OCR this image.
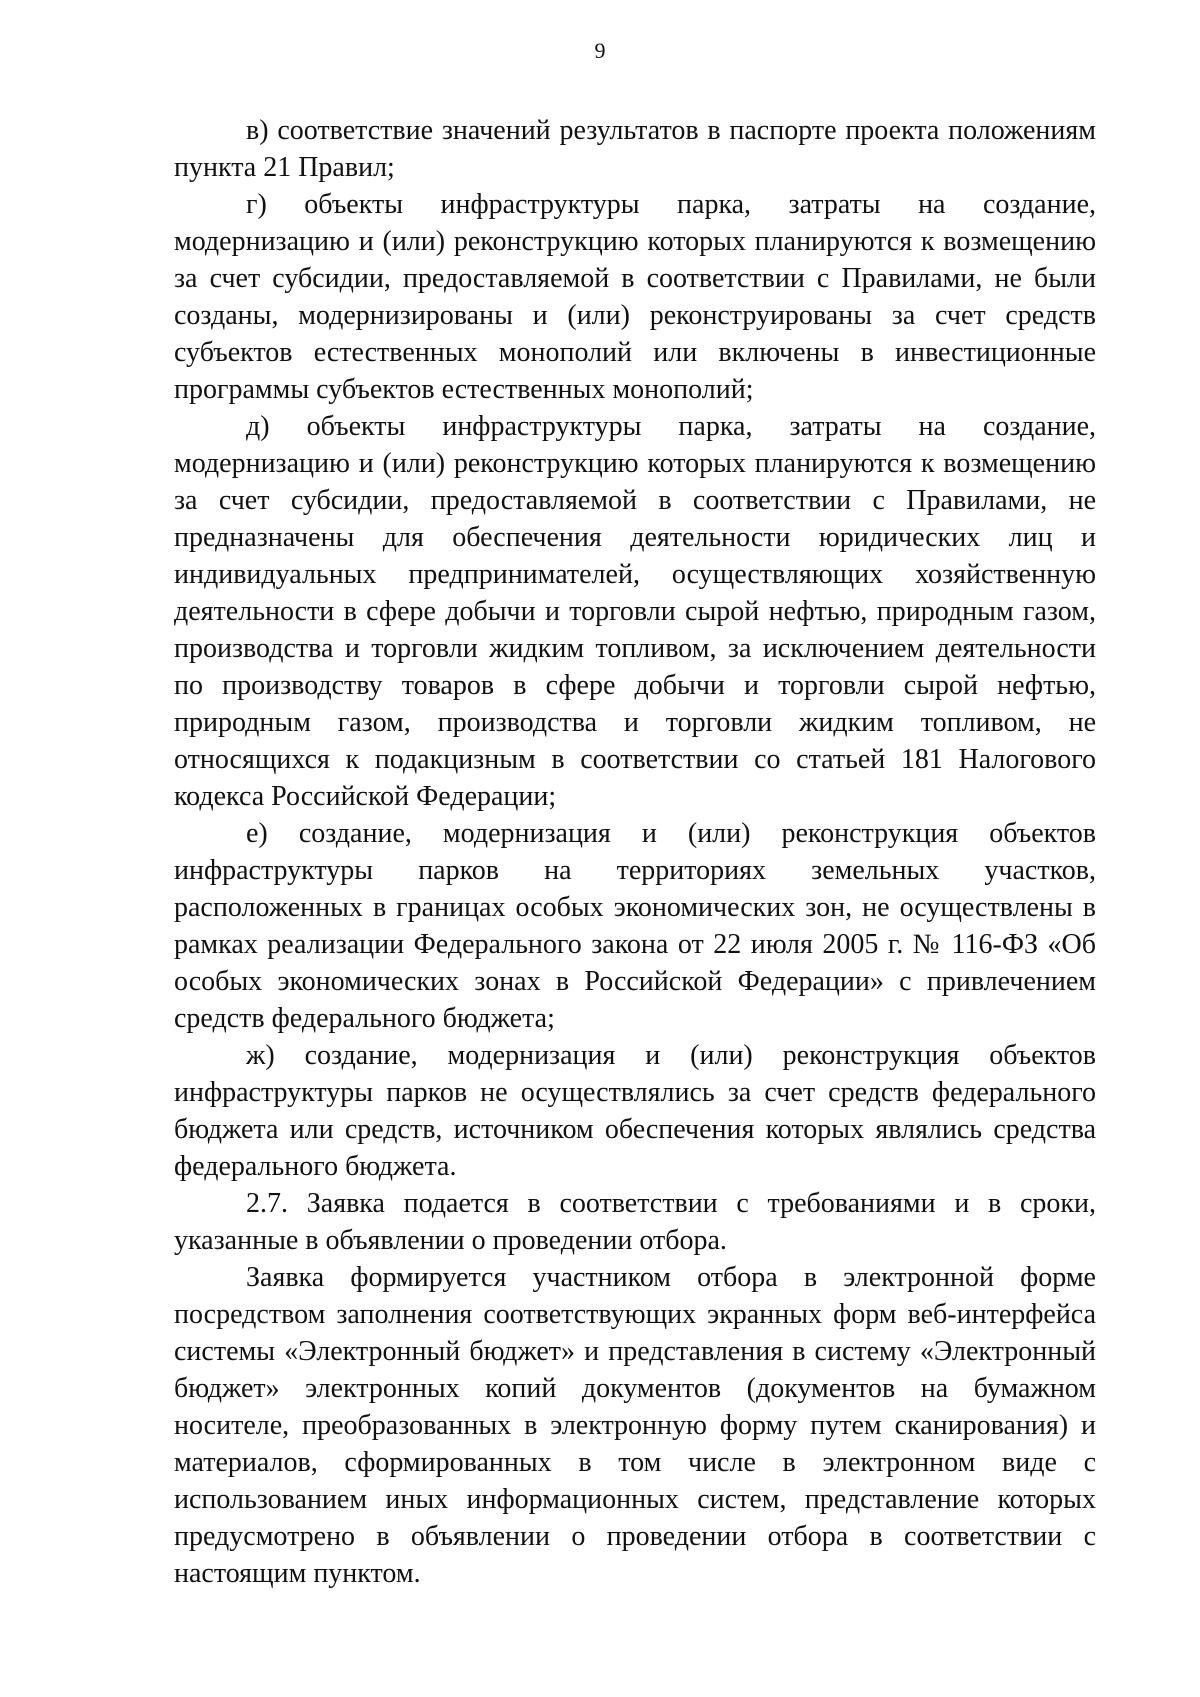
9

в) соответствие значений результатов в паспорте проекта положениям пункта 21 Правил;

г) объекты инфраструктуры парка, затраты на создание, модернизацию и (или) реконструкцию которых планируются к возмещению за счет субсидии, предоставляемой в соответствии с Правилами, не были созданы, модернизированы и (или) реконструированы за счет средств субъектов естественных монополий или включены в инвестиционные программы субъектов естественных монополий;

д) объекты инфраструктуры парка, затраты на создание, модернизацию и (или) реконструкцию которых планируются к возмещению за счет субсидии, предоставляемой в соответствии с Правилами, не предназначены для обеспечения деятельности юридических лиц и индивидуальных предпринимателей, осуществляющих хозяйственную деятельности в сфере добычи и торговли сырой нефтью, природным газом, производства и торговли жидким топливом, за исключением деятельности по производству товаров в сфере добычи и торговли сырой нефтью, природным газом, производства и торговли жидким топливом, не относящихся к подакцизным в соответствии со статьей 181 Налогового кодекса Российской Федерации;

е) создание, модернизация и (или) реконструкция объектов инфраструктуры парков на территориях земельных участков, расположенных в границах особых экономических зон, не осуществлены в рамках реализации Федерального закона от 22 июля 2005 г. № 116-ФЗ «Об особых экономических зонах в Российской Федерации» с привлечением средств федерального бюджета;

ж) создание, модернизация и (или) реконструкция объектов инфраструктуры парков не осуществлялись за счет средств федерального бюджета или средств, источником обеспечения которых являлись средства федерального бюджета.

2.7. Заявка подается в соответствии с требованиями и в сроки, указанные в объявлении о проведении отбора.

Заявка формируется участником отбора в электронной форме посредством заполнения соответствующих экранных форм веб-интерфейса системы «Электронный бюджет» и представления в систему «Электронный бюджет» электронных копий документов (документов на бумажном носителе, преобразованных в электронную форму путем сканирования) и материалов, сформированных в том числе в электронном виде с использованием иных информационных систем, представление которых предусмотрено в объявлении о проведении отбора в соответствии с настоящим пунктом.
